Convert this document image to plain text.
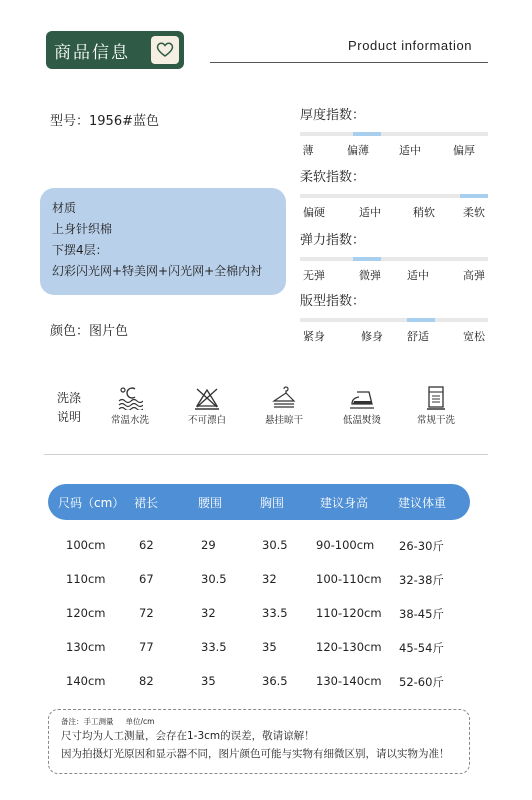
商品信息	Product information
型号：1956#蓝色
材质
上身针织棉
下摆4层：
幻彩闪光网+特美网+闪光网+全棉内衬
颜色：图片色
厚度指数：
薄	偏薄	适中	偏厚
柔软指数：
偏硬	适中	稍软	柔软
弹力指数：
无弹	微弹 适中	高弹
版型指数：
紧身	修身 舒适	宽松
洗涤
说明	常温水洗	不可漂白	悬挂晾干	低温熨烫	常规干洗
尺码（cm） 裙长	腰围	胸围	建议身高 建议体重
100cm	62	29	30.5 90-100cm 26-30斤
110cm	67	30.5	32	100-110cm 32-38斤
120cm	72	32	33.5 110-120cm 38-45斤
130cm	77	33.5	35	120-130cm 45-54斤
140cm	82	35	36.5 130-140cm 52-60斤
备注：手工测量 单位/cm
尺寸均为人工测量，会存在1-3cm的误差，敬请谅解！
因为拍摄灯光原因和显示器不同，图片颜色可能与实物有细微区别，请以实物为准！
